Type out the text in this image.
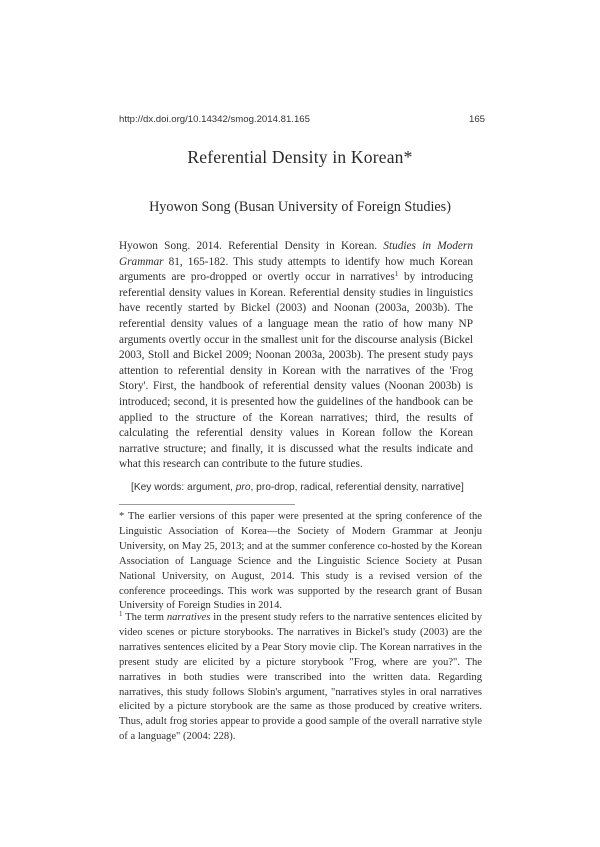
http://dx.doi.org/10.14342/smog.2014.81.165	165
Referential Density in Korean*
Hyowon Song (Busan University of Foreign Studies)

Hyowon Song. 2014. Referential Density in Korean. Studies in Modern Grammar 81, 165-182. This study attempts to identify how much Korean arguments are pro-dropped or overtly occur in narratives$^1$ by introducing referential density values in Korean. Referential density studies in linguistics have recently started by Bickel (2003) and Noonan (2003a, 2003b). The referential density values of a language mean the ratio of how many NP arguments overtly occur in the smallest unit for the discourse analysis (Bickel 2003, Stoll and Bickel 2009; Noonan 2003a, 2003b). The present study pays attention to referential density in Korean with the narratives of the 'Frog Story'. First, the handbook of referential density values (Noonan 2003b) is introduced; second, it is presented how the guidelines of the handbook can be applied to the structure of the Korean narratives; third, the results of calculating the referential density values in Korean follow the Korean narrative structure; and finally, it is discussed what the results indicate and what this research can contribute to the future studies.

[Key words: argument, pro, pro-drop, radical, referential density, narrative]

* The earlier versions of this paper were presented at the spring conference of the Linguistic Association of Korea—the Society of Modern Grammar at Jeonju University, on May 25, 2013; and at the summer conference co-hosted by the Korean Association of Language Science and the Linguistic Science Society at Pusan National University, on August, 2014. This study is a revised version of the conference proceedings. This work was supported by the research grant of Busan University of Foreign Studies in 2014.

$^1$ The term narratives in the present study refers to the narrative sentences elicited by video scenes or picture storybooks. The narratives in Bickel's study (2003) are the narratives sentences elicited by a Pear Story movie clip. The Korean narratives in the present study are elicited by a picture storybook "Frog, where are you?". The narratives in both studies were transcribed into the written data. Regarding narratives, this study follows Slobin's argument, "narratives styles in oral narratives elicited by a picture storybook are the same as those produced by creative writers. Thus, adult frog stories appear to provide a good sample of the overall narrative style of a language" (2004: 228).
